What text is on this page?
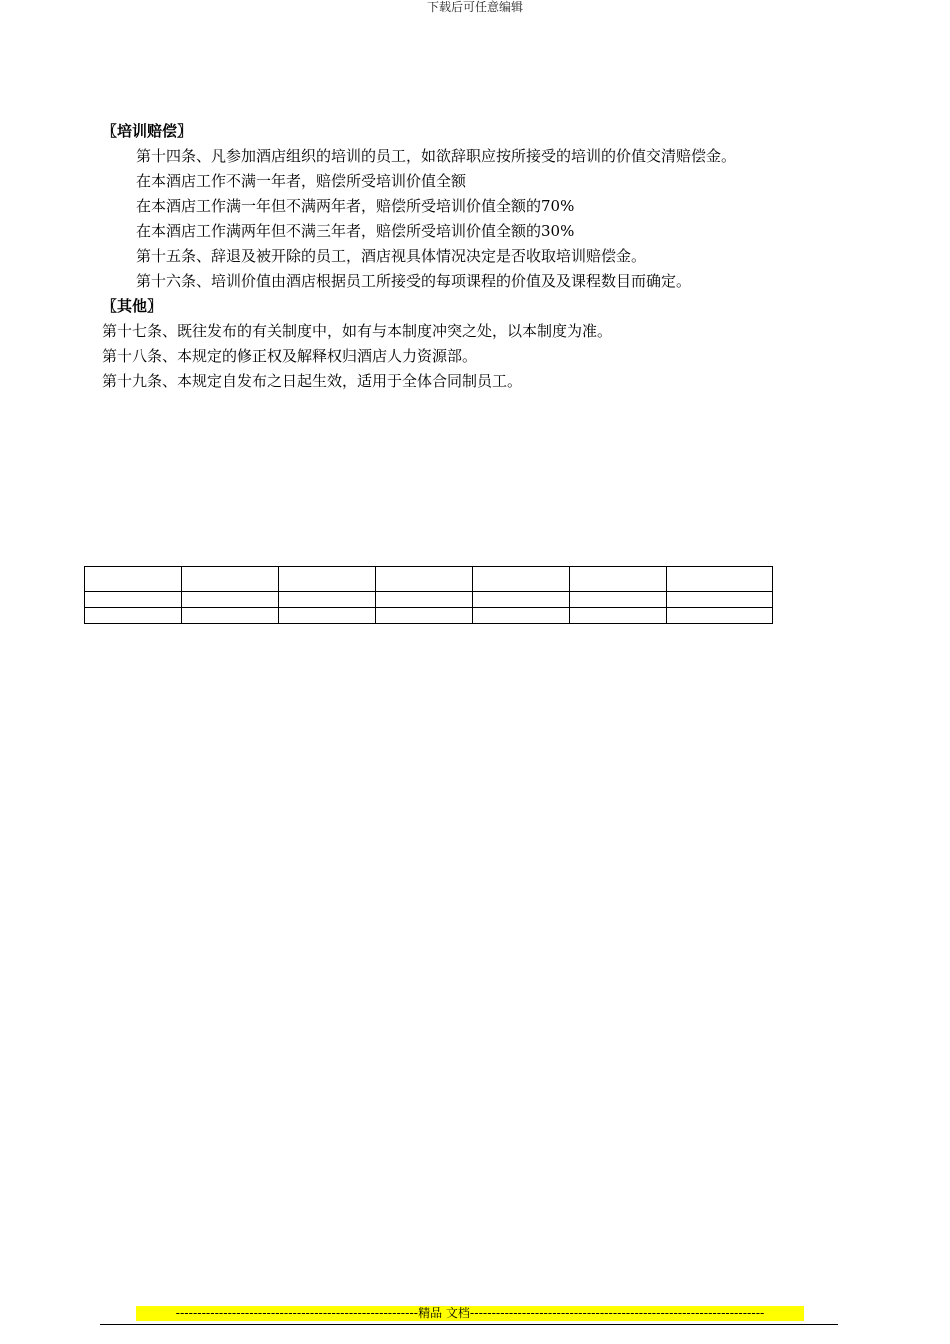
下载后可任意编辑
〖培训赔偿〗
第十四条、凡参加酒店组织的培训的员工，如欲辞职应按所接受的培训的价值交清赔偿金。
在本酒店工作不满一年者，赔偿所受培训价值全额
在本酒店工作满一年但不满两年者，赔偿所受培训价值全额的70%
在本酒店工作满两年但不满三年者，赔偿所受培训价值全额的30%
第十五条、辞退及被开除的员工，酒店视具体情况决定是否收取培训赔偿金。
第十六条、培训价值由酒店根据员工所接受的每项课程的价值及及课程数目而确定。
〖其他〗
第十七条、既往发布的有关制度中，如有与本制度冲突之处，以本制度为准。
第十八条、本规定的修正权及解释权归酒店人力资源部。
第十九条、本规定自发布之日起生效，适用于全体合同制员工。

--------------------------------------------------------精品 文档--------------------------------------------------------------------
